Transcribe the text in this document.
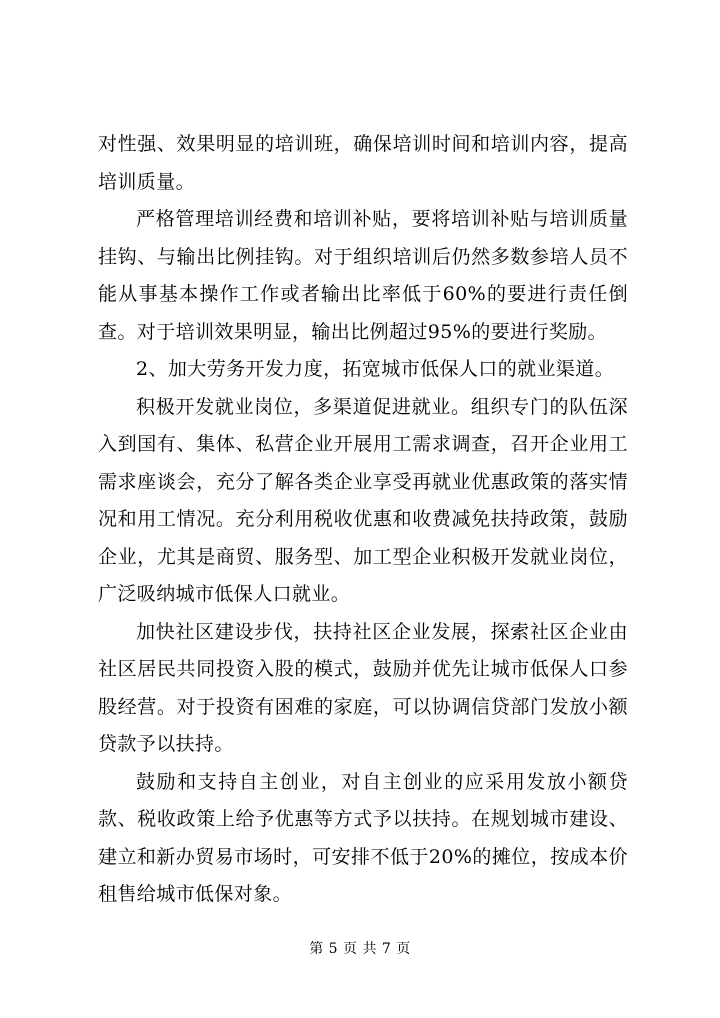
对性强、效果明显的培训班，确保培训时间和培训内容，提高培训质量。

严格管理培训经费和培训补贴，要将培训补贴与培训质量挂钩、与输出比例挂钩。对于组织培训后仍然多数参培人员不能从事基本操作工作或者输出比率低于60%的要进行责任倒查。对于培训效果明显，输出比例超过95%的要进行奖励。

2、加大劳务开发力度，拓宽城市低保人口的就业渠道。

积极开发就业岗位，多渠道促进就业。组织专门的队伍深入到国有、集体、私营企业开展用工需求调查，召开企业用工需求座谈会，充分了解各类企业享受再就业优惠政策的落实情况和用工情况。充分利用税收优惠和收费减免扶持政策，鼓励企业，尤其是商贸、服务型、加工型企业积极开发就业岗位，广泛吸纳城市低保人口就业。

加快社区建设步伐，扶持社区企业发展，探索社区企业由社区居民共同投资入股的模式，鼓励并优先让城市低保人口参股经营。对于投资有困难的家庭，可以协调信贷部门发放小额贷款予以扶持。

鼓励和支持自主创业，对自主创业的应采用发放小额贷款、税收政策上给予优惠等方式予以扶持。在规划城市建设、建立和新办贸易市场时，可安排不低于20%的摊位，按成本价租售给城市低保对象。

第 5 页 共 7 页
